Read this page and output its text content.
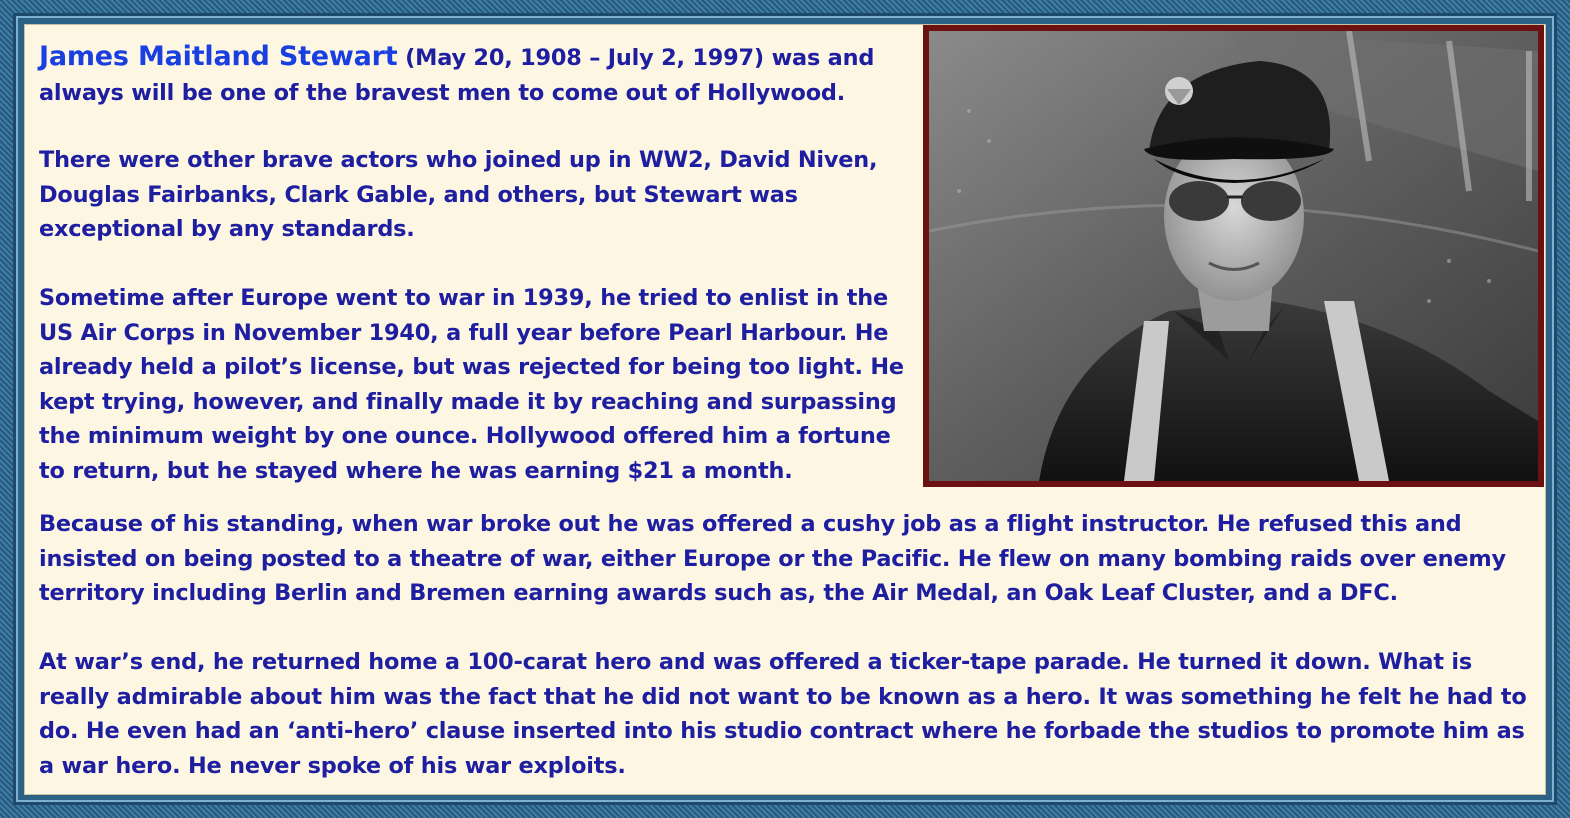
James Maitland Stewart (May 20, 1908 – July 2, 1997) was and
always will be one of the bravest men to come out of Hollywood.

There were other brave actors who joined up in WW2, David Niven,
Douglas Fairbanks, Clark Gable, and others, but Stewart was
exceptional by any standards.

Sometime after Europe went to war in 1939, he tried to enlist in the
US Air Corps in November 1940, a full year before Pearl Harbour. He
already held a pilot’s license, but was rejected for being too light. He
kept trying, however, and finally made it by reaching and surpassing
the minimum weight by one ounce. Hollywood offered him a fortune
to return, but he stayed where he was earning $21 a month.

Because of his standing, when war broke out he was offered a cushy job as a flight instructor. He refused this and
insisted on being posted to a theatre of war, either Europe or the Pacific. He flew on many bombing raids over enemy
territory including Berlin and Bremen earning awards such as, the Air Medal, an Oak Leaf Cluster, and a DFC.

At war’s end, he returned home a 100-carat hero and was offered a ticker-tape parade. He turned it down. What is
really admirable about him was the fact that he did not want to be known as a hero. It was something he felt he had to
do. He even had an ‘anti-hero’ clause inserted into his studio contract where he forbade the studios to promote him as
a war hero. He never spoke of his war exploits.
